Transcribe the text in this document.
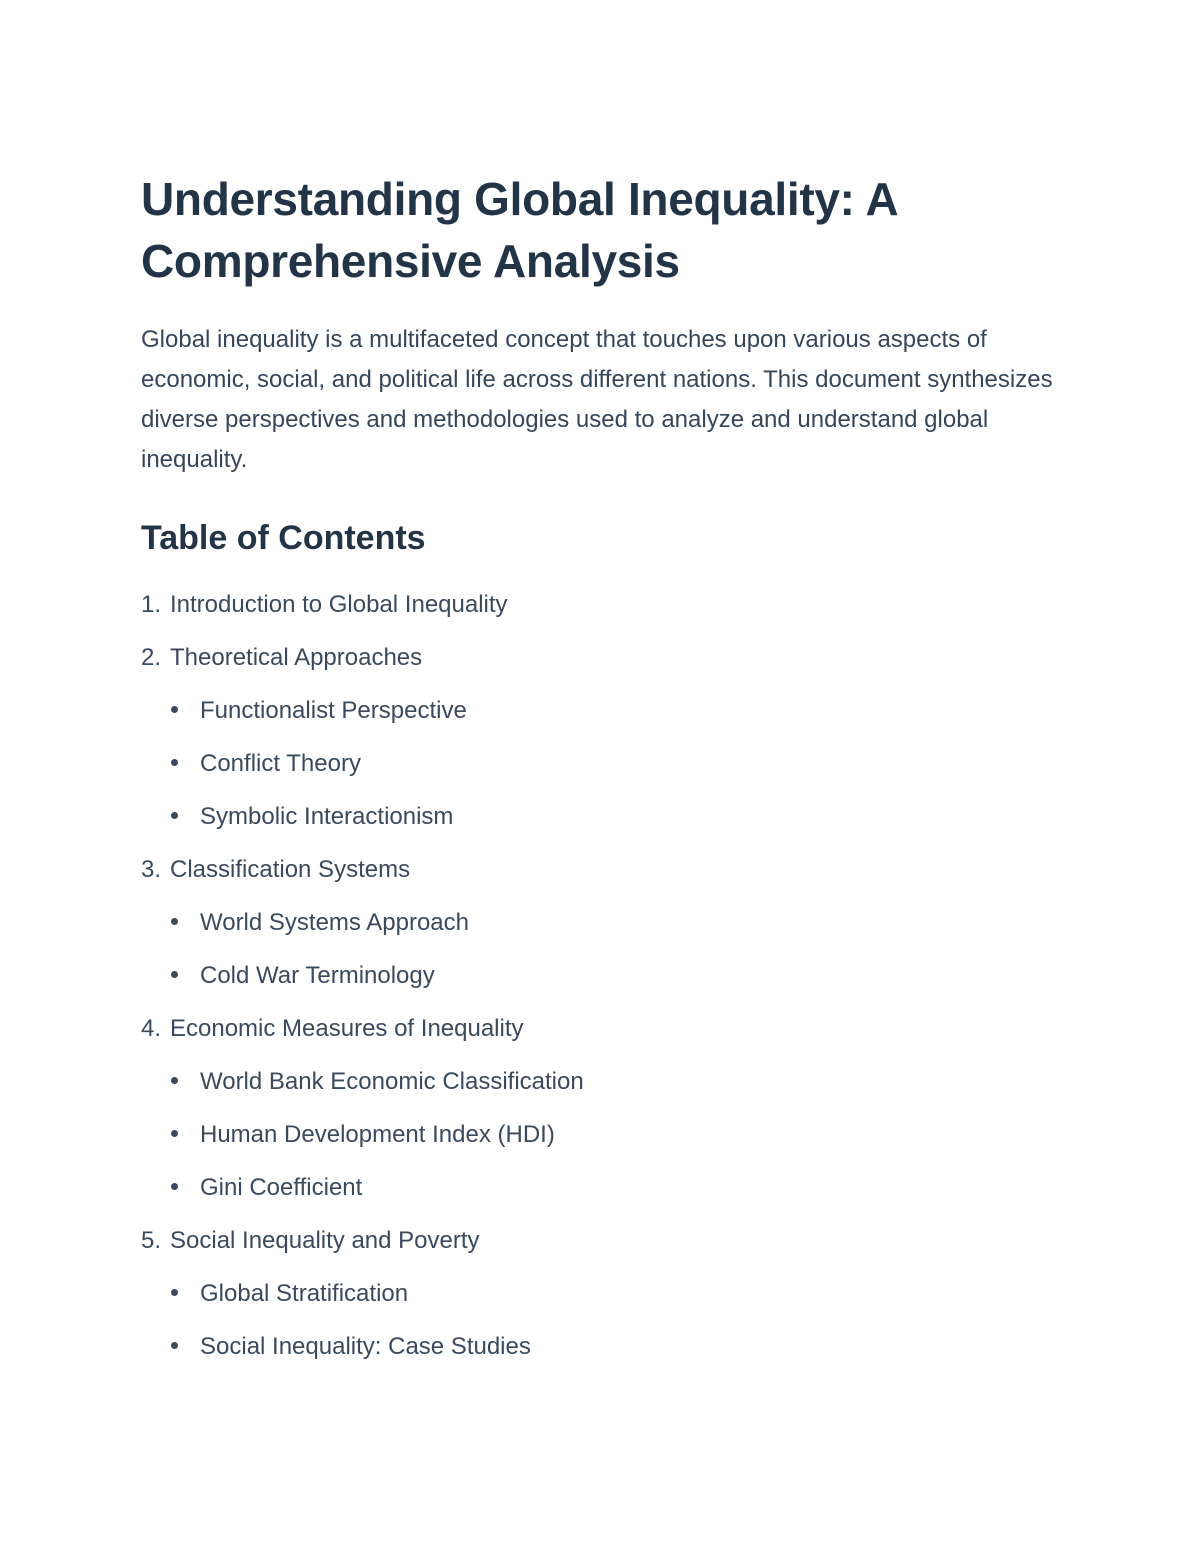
Understanding Global Inequality: A
Comprehensive Analysis

Global inequality is a multifaceted concept that touches upon various aspects of economic, social, and political life across different nations. This document synthesizes diverse perspectives and methodologies used to analyze and understand global inequality.

Table of Contents
1. Introduction to Global Inequality
2. Theoretical Approaches
Functionalist Perspective
Conflict Theory
Symbolic Interactionism
3. Classification Systems
World Systems Approach
Cold War Terminology
4. Economic Measures of Inequality
World Bank Economic Classification
Human Development Index (HDI)
Gini Coefficient
5. Social Inequality and Poverty
Global Stratification
Social Inequality: Case Studies
